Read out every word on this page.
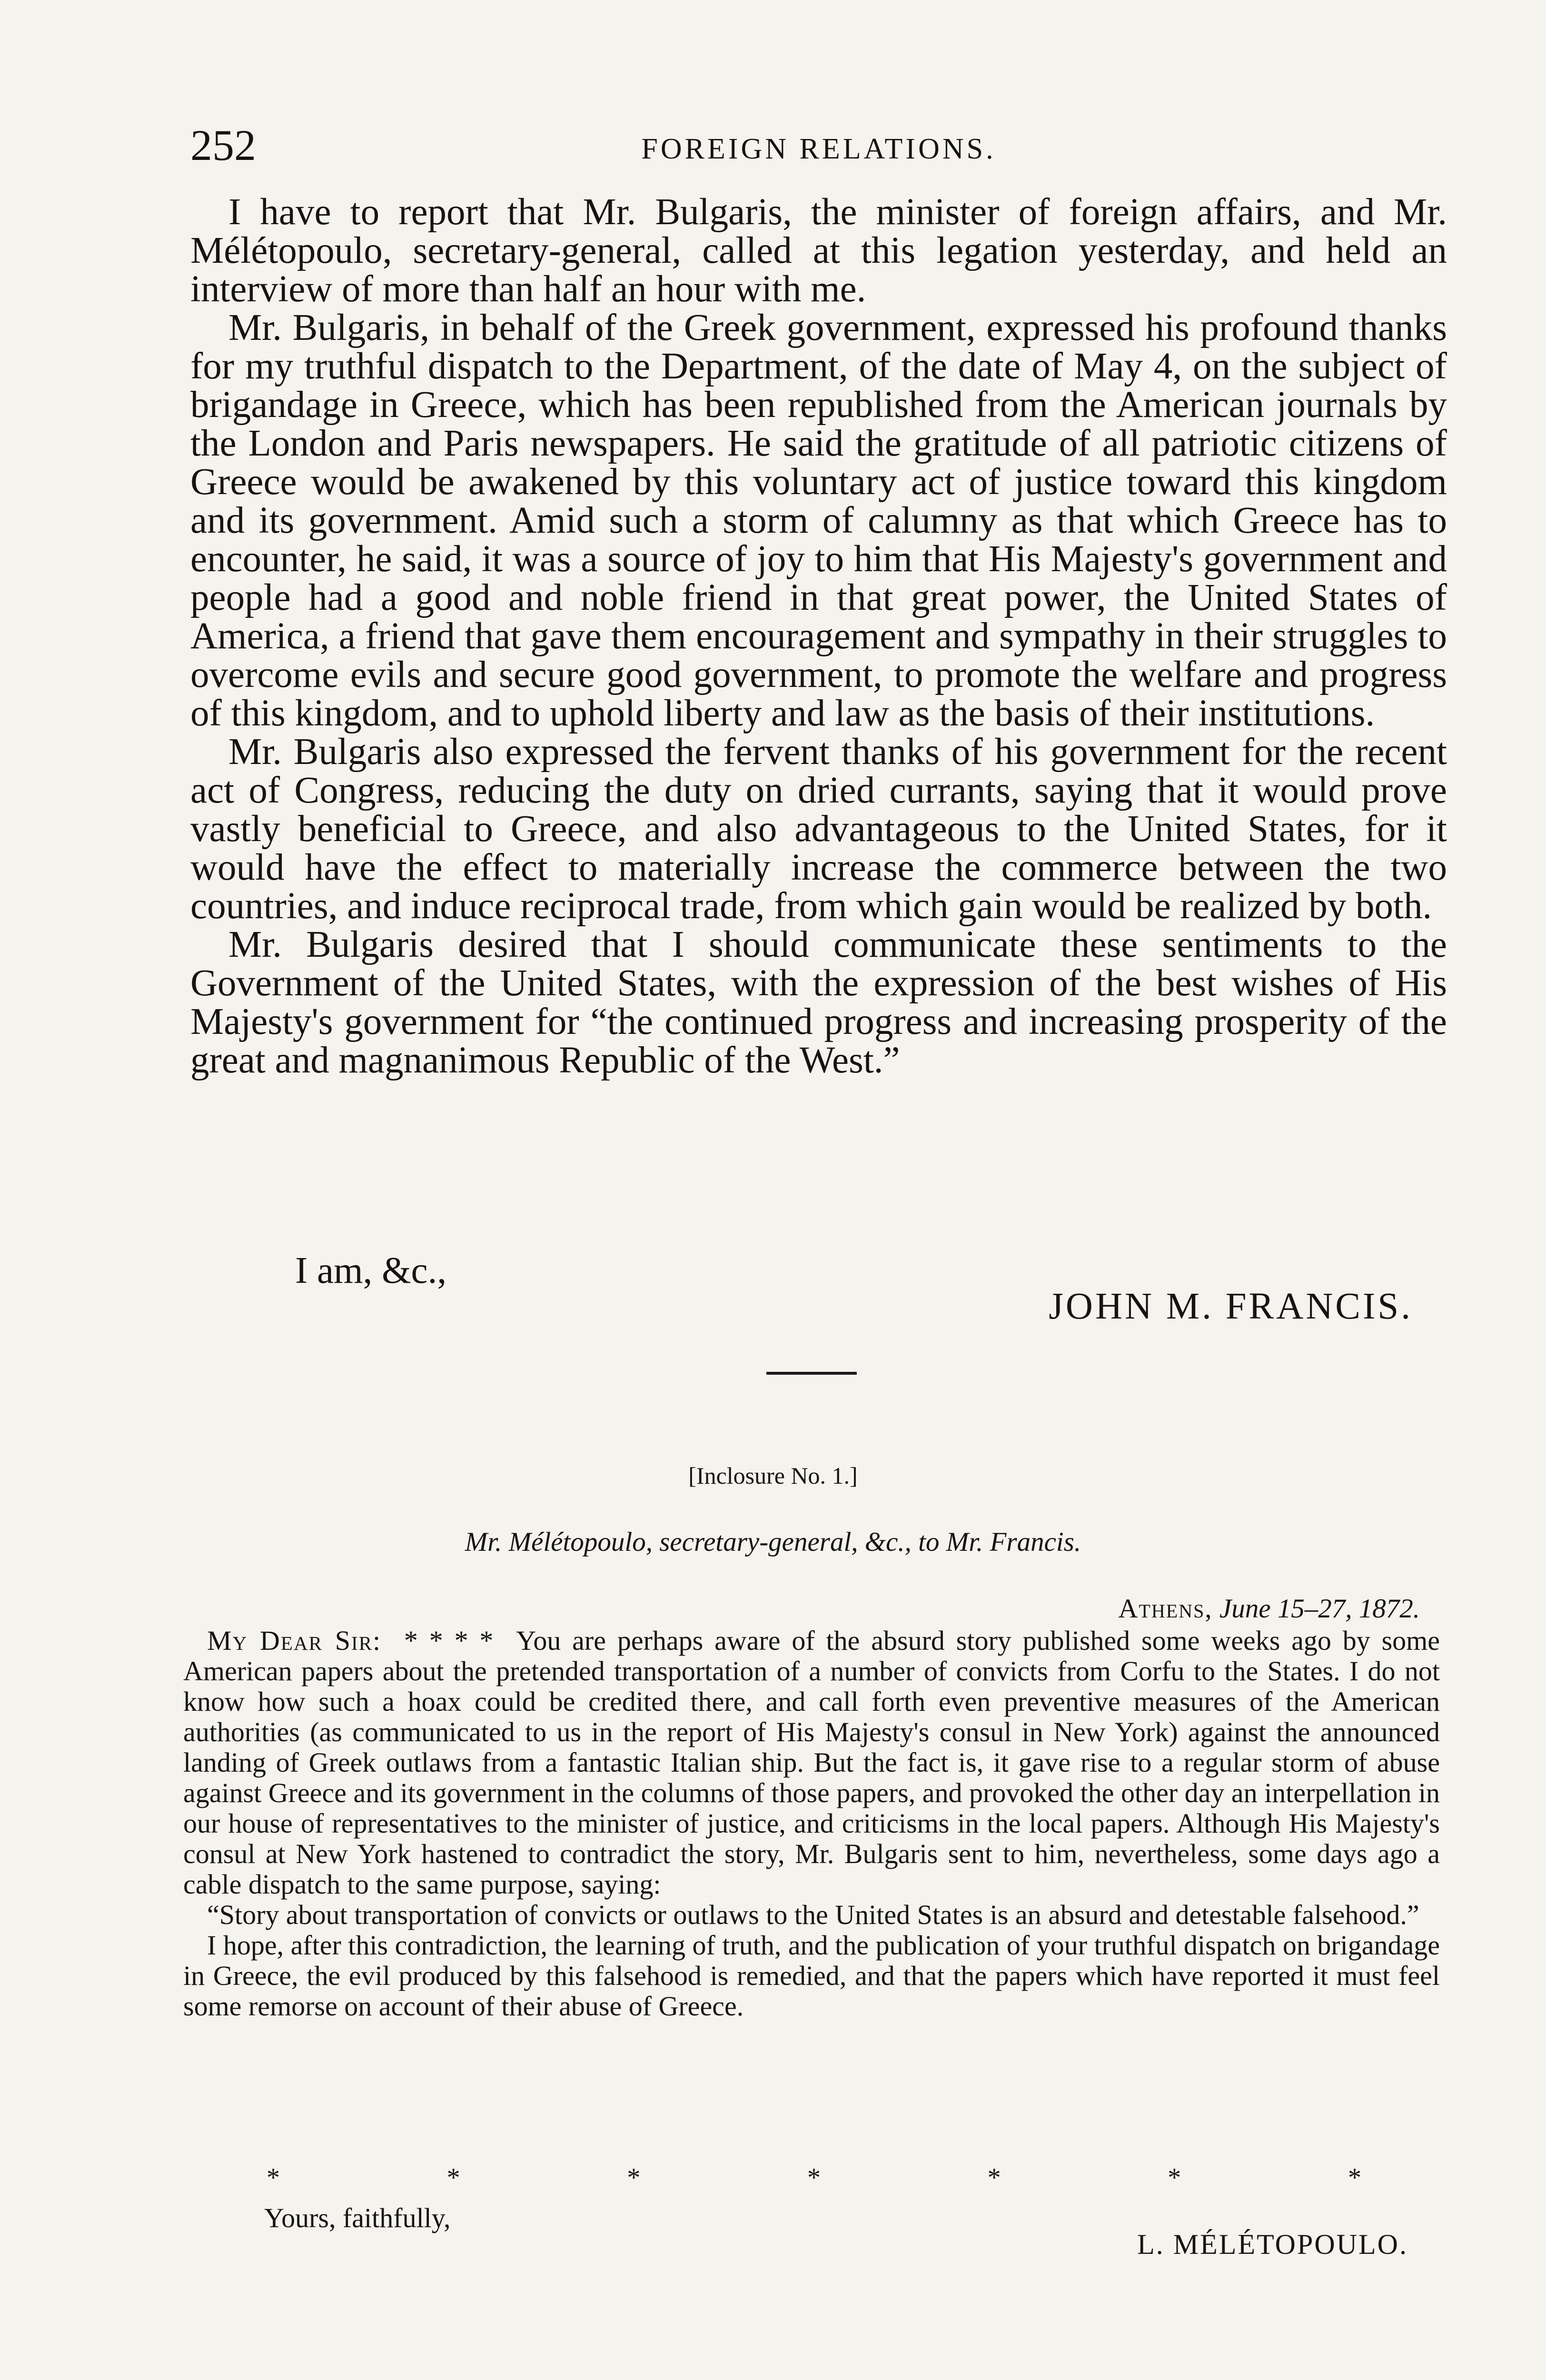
252	FOREIGN RELATIONS.

I have to report that Mr. Bulgaris, the minister of foreign affairs, and Mr. Mélétopoulo, secretary-general, called at this legation yesterday, and held an interview of more than half an hour with me.

Mr. Bulgaris, in behalf of the Greek government, expressed his profound thanks for my truthful dispatch to the Department, of the date of May 4, on the subject of brigandage in Greece, which has been republished from the American journals by the London and Paris newspapers. He said the gratitude of all patriotic citizens of Greece would be awakened by this voluntary act of justice toward this kingdom and its government. Amid such a storm of calumny as that which Greece has to encounter, he said, it was a source of joy to him that His Majesty's government and people had a good and noble friend in that great power, the United States of America, a friend that gave them encouragement and sympathy in their struggles to overcome evils and secure good government, to promote the welfare and progress of this kingdom, and to uphold liberty and law as the basis of their institutions.

Mr. Bulgaris also expressed the fervent thanks of his government for the recent act of Congress, reducing the duty on dried currants, saying that it would prove vastly beneficial to Greece, and also advantageous to the United States, for it would have the effect to materially increase the commerce between the two countries, and induce reciprocal trade, from which gain would be realized by both.

Mr. Bulgaris desired that I should communicate these sentiments to the Government of the United States, with the expression of the best wishes of His Majesty's government for “the continued progress and increasing prosperity of the great and magnanimous Republic of the West.”

I am, &c.,
JOHN M. FRANCIS.
[Inclosure No. 1.]
Mr. Mélétopoulo, secretary-general, &c., to Mr. Francis.
Athens, June 15–27, 1872.

My Dear Sir: * * * * You are perhaps aware of the absurd story published some weeks ago by some American papers about the pretended transportation of a number of convicts from Corfu to the States. I do not know how such a hoax could be credited there, and call forth even preventive measures of the American authorities (as communicated to us in the report of His Majesty's consul in New York) against the announced landing of Greek outlaws from a fantastic Italian ship. But the fact is, it gave rise to a regular storm of abuse against Greece and its government in the columns of those papers, and provoked the other day an interpellation in our house of representatives to the minister of justice, and criticisms in the local papers. Although His Majesty's consul at New York hastened to contradict the story, Mr. Bulgaris sent to him, nevertheless, some days ago a cable dispatch to the same purpose, saying:

“Story about transportation of convicts or outlaws to the United States is an absurd and detestable falsehood.”

I hope, after this contradiction, the learning of truth, and the publication of your truthful dispatch on brigandage in Greece, the evil produced by this falsehood is remedied, and that the papers which have reported it must feel some remorse on account of their abuse of Greece.

*	*	*	*	*	*	*
Yours, faithfully,
L. MÉLÉTOPOULO.
